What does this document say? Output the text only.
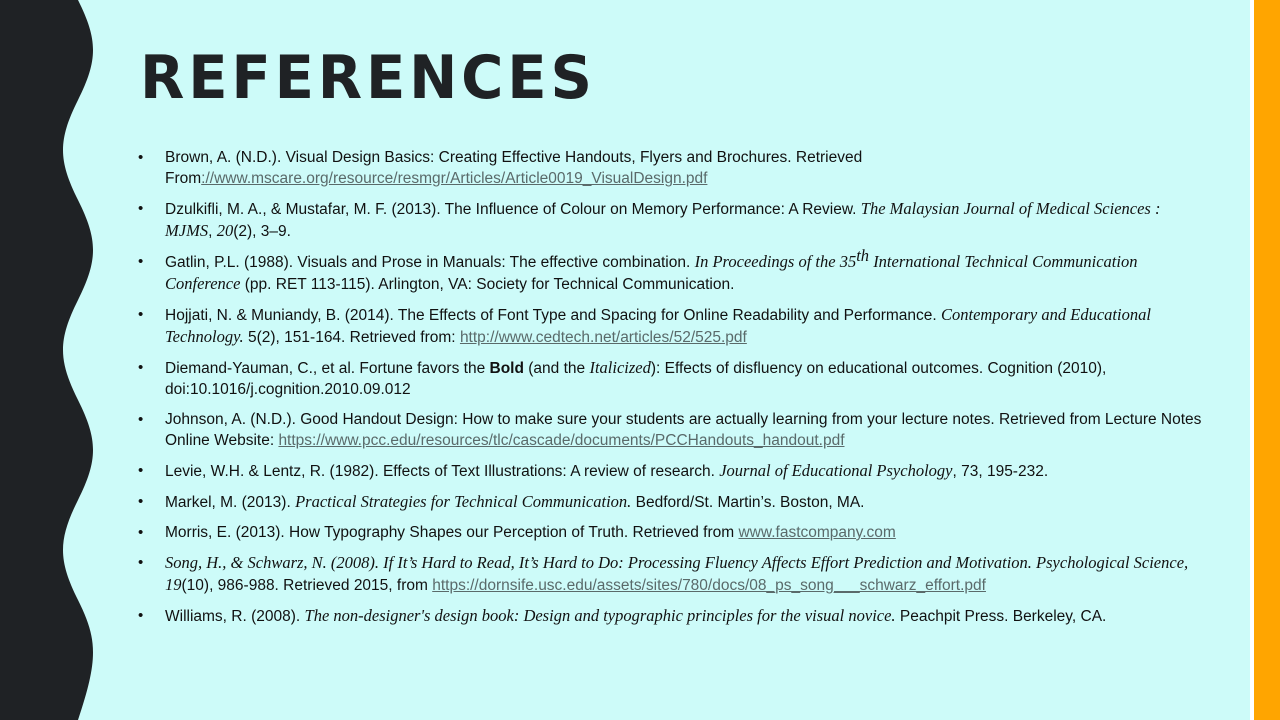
REFERENCES
• Brown, A. (N.D.). Visual Design Basics: Creating Effective Handouts, Flyers and Brochures. Retrieved From://www.mscare.org/resource/resmgr/Articles/Article0019_VisualDesign.pdf
• Dzulkifli, M. A., & Mustafar, M. F. (2013). The Influence of Colour on Memory Performance: A Review. The Malaysian Journal of Medical Sciences : MJMS, 20(2), 3–9.
• Gatlin, P.L. (1988). Visuals and Prose in Manuals: The effective combination. In Proceedings of the 35th International Technical Communication Conference (pp. RET 113-115). Arlington, VA: Society for Technical Communication.
• Hojjati, N. & Muniandy, B. (2014). The Effects of Font Type and Spacing for Online Readability and Performance. Contemporary and Educational Technology. 5(2), 151-164. Retrieved from: http://www.cedtech.net/articles/52/525.pdf
• Diemand-Yauman, C., et al. Fortune favors the Bold (and the Italicized): Effects of disfluency on educational outcomes. Cognition (2010), doi:10.1016/j.cognition.2010.09.012
• Johnson, A. (N.D.). Good Handout Design: How to make sure your students are actually learning from your lecture notes. Retrieved from Lecture Notes Online Website: https://www.pcc.edu/resources/tlc/cascade/documents/PCCHandouts_handout.pdf
• Levie, W.H. & Lentz, R. (1982). Effects of Text Illustrations: A review of research. Journal of Educational Psychology, 73, 195-232.
• Markel, M. (2013). Practical Strategies for Technical Communication. Bedford/St. Martin’s. Boston, MA.
• Morris, E. (2013). How Typography Shapes our Perception of Truth. Retrieved from www.fastcompany.com
• Song, H., & Schwarz, N. (2008). If It’s Hard to Read, It’s Hard to Do: Processing Fluency Affects Effort Prediction and Motivation. Psychological Science, 19(10), 986-988. Retrieved 2015, from https://dornsife.usc.edu/assets/sites/780/docs/08_ps_song___schwarz_effort.pdf
• Williams, R. (2008). The non-designer's design book: Design and typographic principles for the visual novice. Peachpit Press. Berkeley, CA.
